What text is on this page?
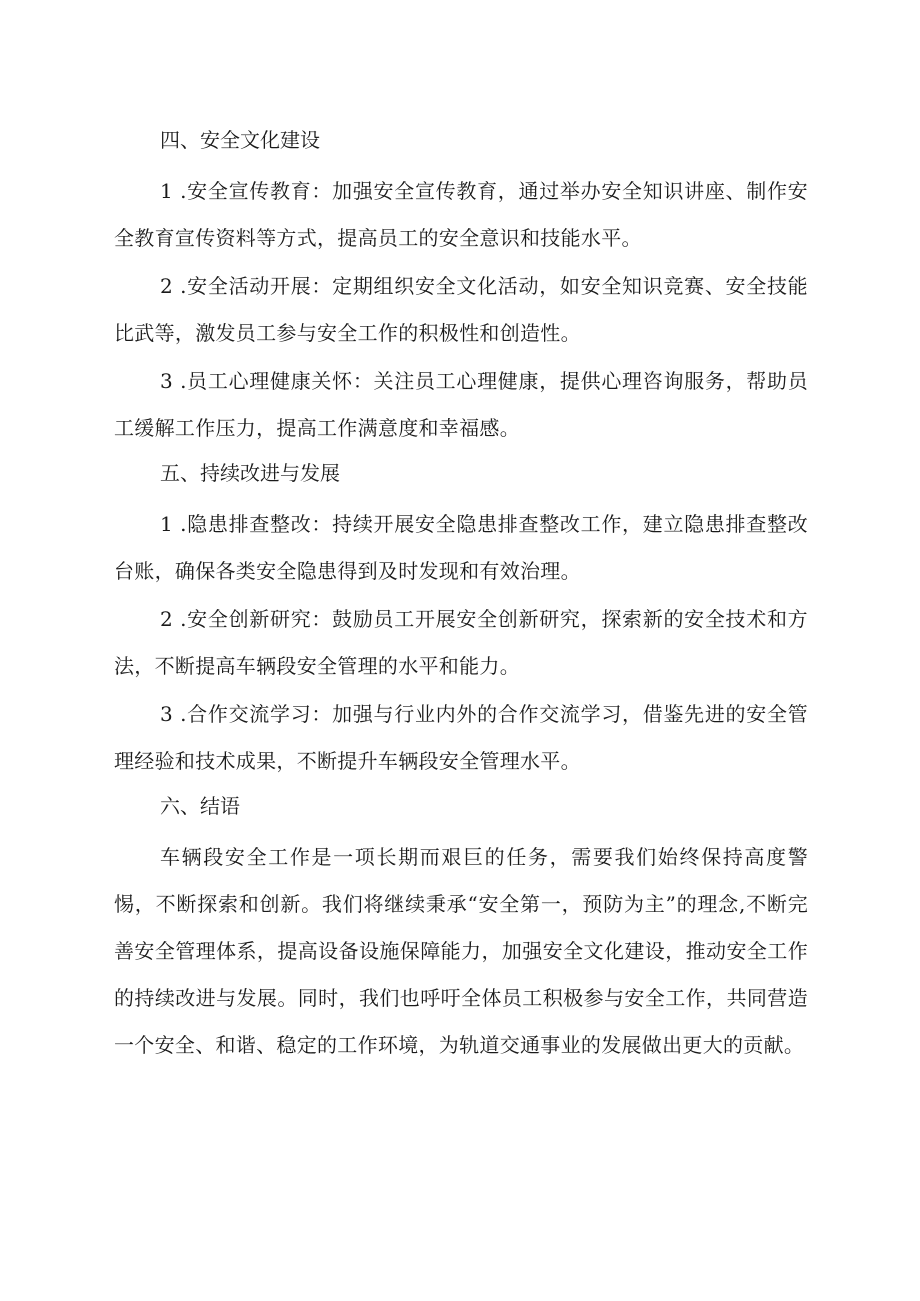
四、安全文化建设

1 .安全宣传教育：加强安全宣传教育，通过举办安全知识讲座、制作安全教育宣传资料等方式，提高员工的安全意识和技能水平。

2 .安全活动开展：定期组织安全文化活动，如安全知识竞赛、安全技能比武等，激发员工参与安全工作的积极性和创造性。

3 .员工心理健康关怀：关注员工心理健康，提供心理咨询服务，帮助员工缓解工作压力，提高工作满意度和幸福感。

五、持续改进与发展

1 .隐患排查整改：持续开展安全隐患排查整改工作，建立隐患排查整改台账，确保各类安全隐患得到及时发现和有效治理。

2 .安全创新研究：鼓励员工开展安全创新研究，探索新的安全技术和方法，不断提高车辆段安全管理的水平和能力。

3 .合作交流学习：加强与行业内外的合作交流学习，借鉴先进的安全管理经验和技术成果，不断提升车辆段安全管理水平。

六、结语

车辆段安全工作是一项长期而艰巨的任务，需要我们始终保持高度警惕，不断探索和创新。我们将继续秉承“安全第一，预防为主”的理念,不断完善安全管理体系，提高设备设施保障能力，加强安全文化建设，推动安全工作的持续改进与发展。同时，我们也呼吁全体员工积极参与安全工作，共同营造一个安全、和谐、稳定的工作环境，为轨道交通事业的发展做出更大的贡献。
